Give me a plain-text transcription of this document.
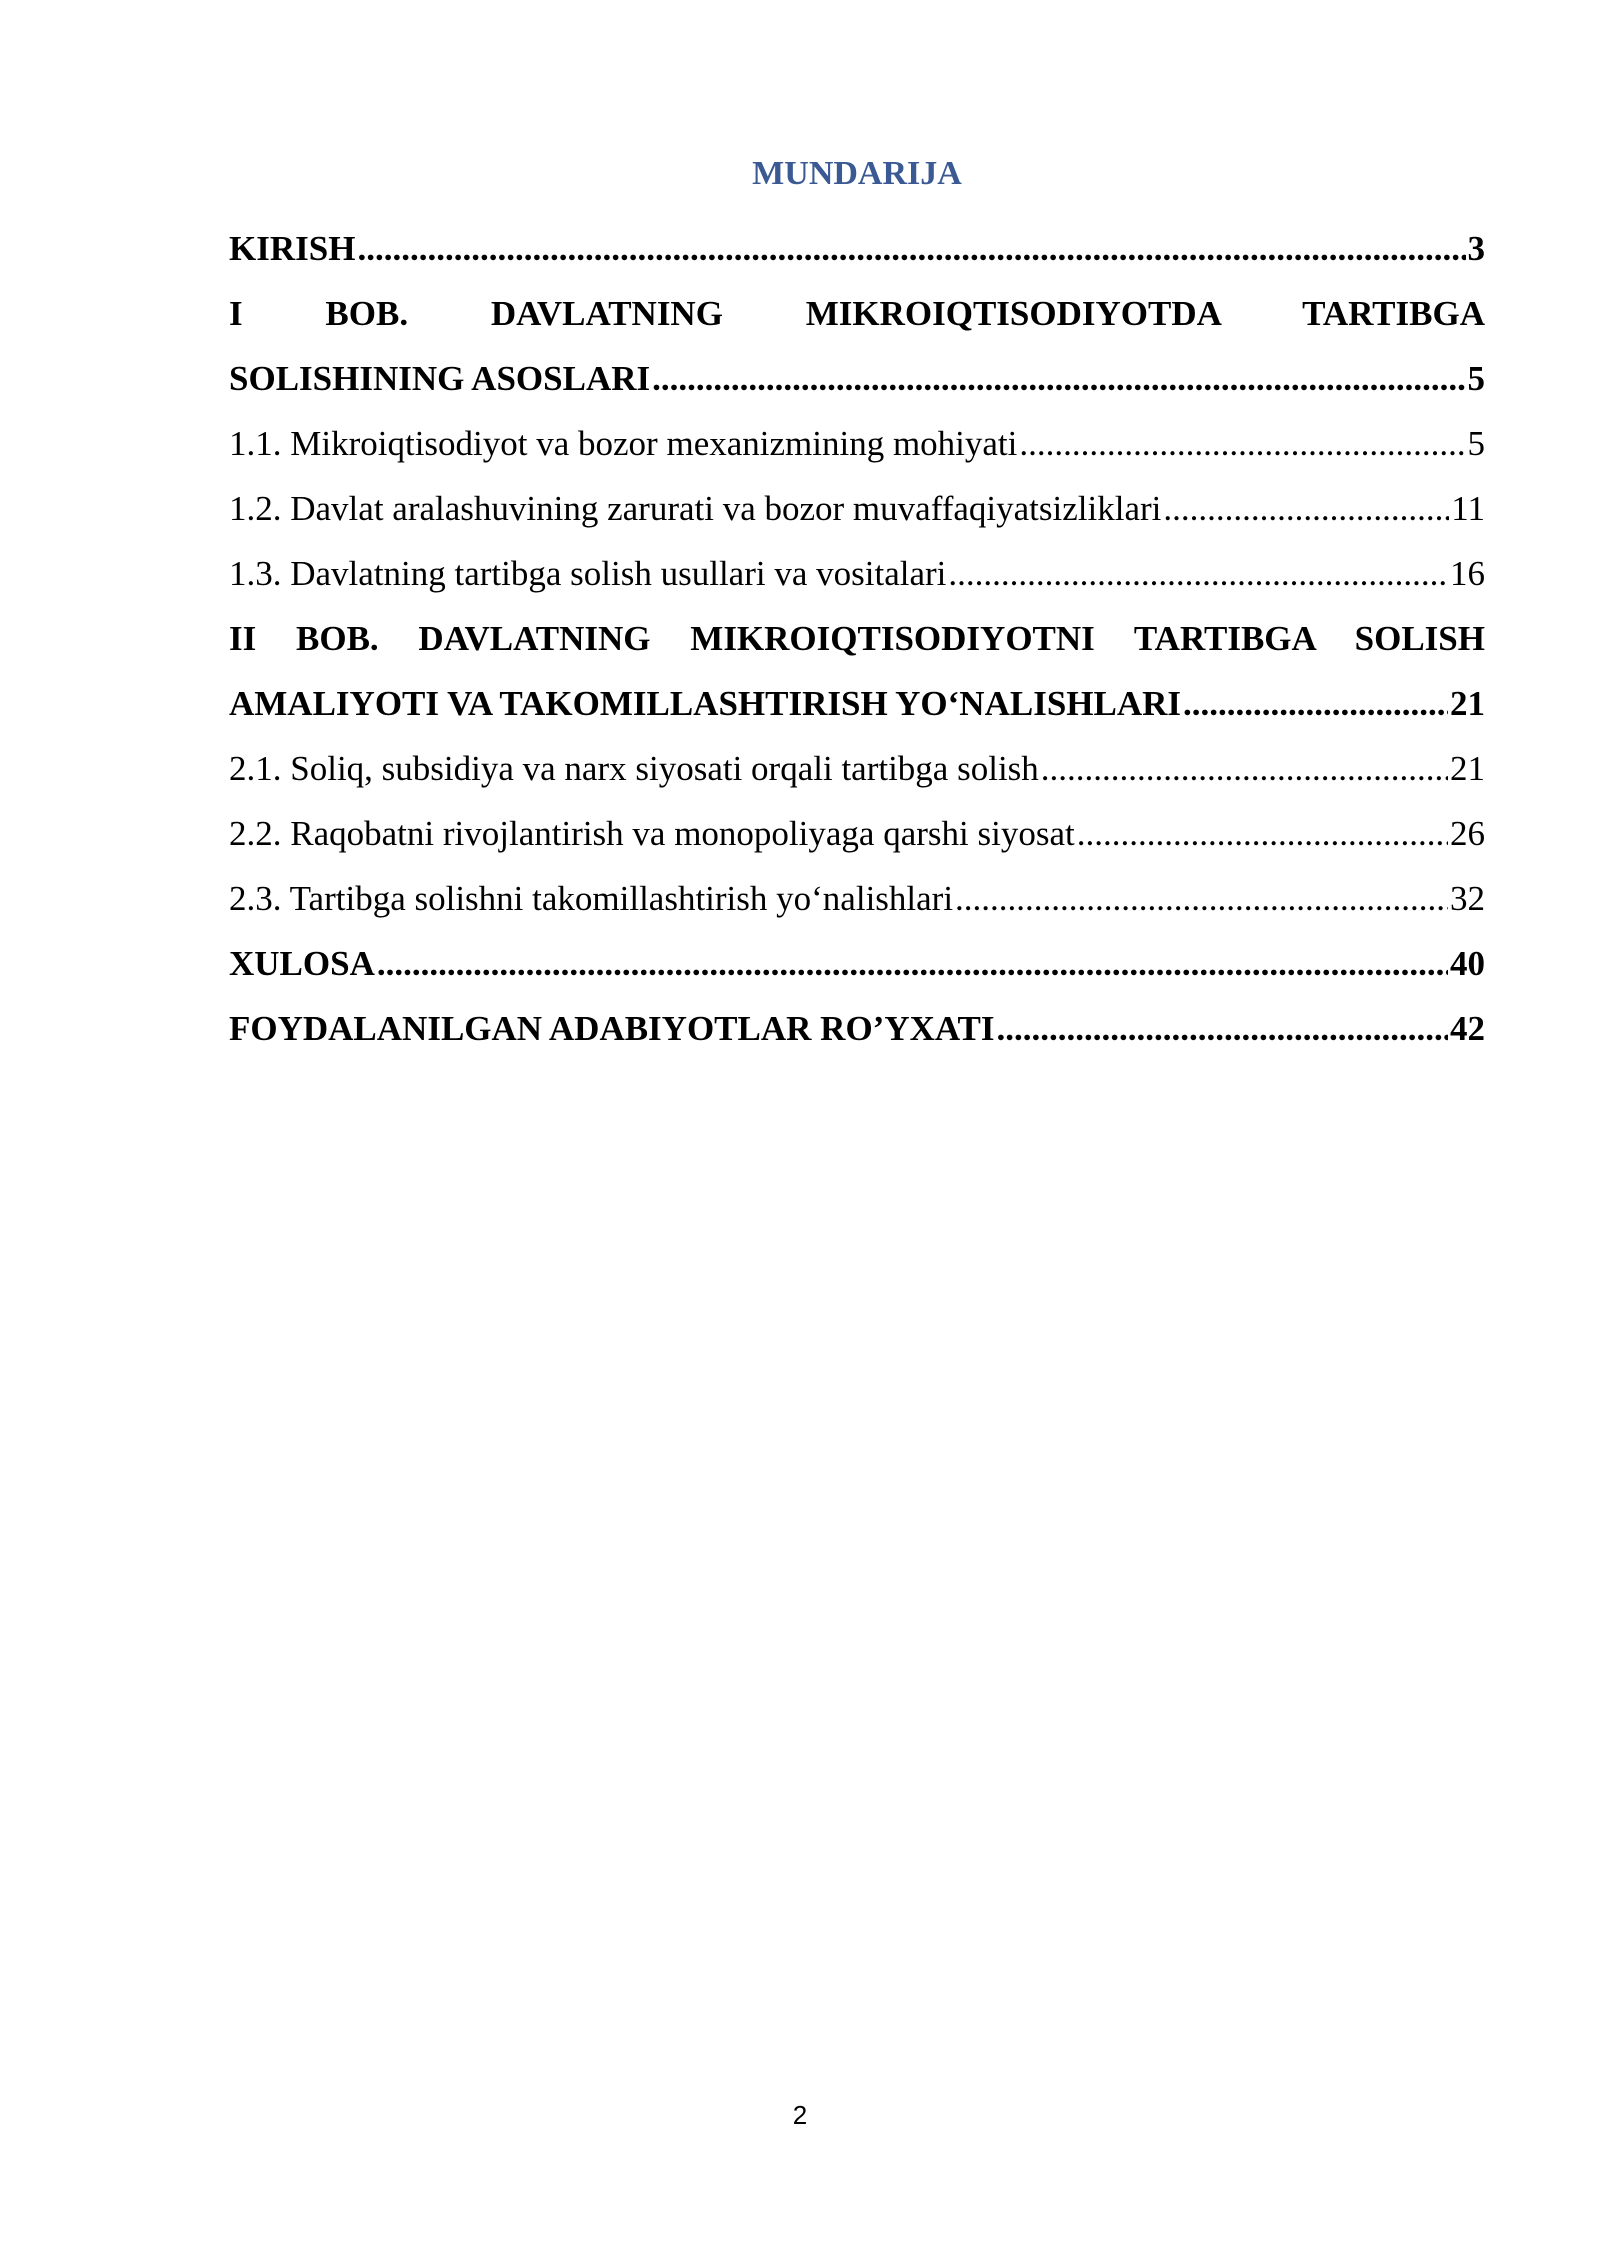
MUNDARIJA
KIRISH .....	3
I BOB. DAVLATNING MIKROIQTISODIYOTDA TARTIBGA
SOLISHINING ASOSLARI .....	5
1.1. Mikroiqtisodiyot va bozor mexanizmining mohiyati .....	5
1.2. Davlat aralashuvining zarurati va bozor muvaffaqiyatsizliklari .....	11
1.3. Davlatning tartibga solish usullari va vositalari .....	16
II BOB. DAVLATNING MIKROIQTISODIYOTNI TARTIBGA SOLISH
AMALIYOTI VA TAKOMILLASHTIRISH YO‘NALISHLARI .....	21
2.1. Soliq, subsidiya va narx siyosati orqali tartibga solish .....	21
2.2. Raqobatni rivojlantirish va monopoliyaga qarshi siyosat .....	26
2.3. Tartibga solishni takomillashtirish yo‘nalishlari .....	32
XULOSA .....	40
FOYDALANILGAN ADABIYOTLAR RO’YXATI .....	42
2
